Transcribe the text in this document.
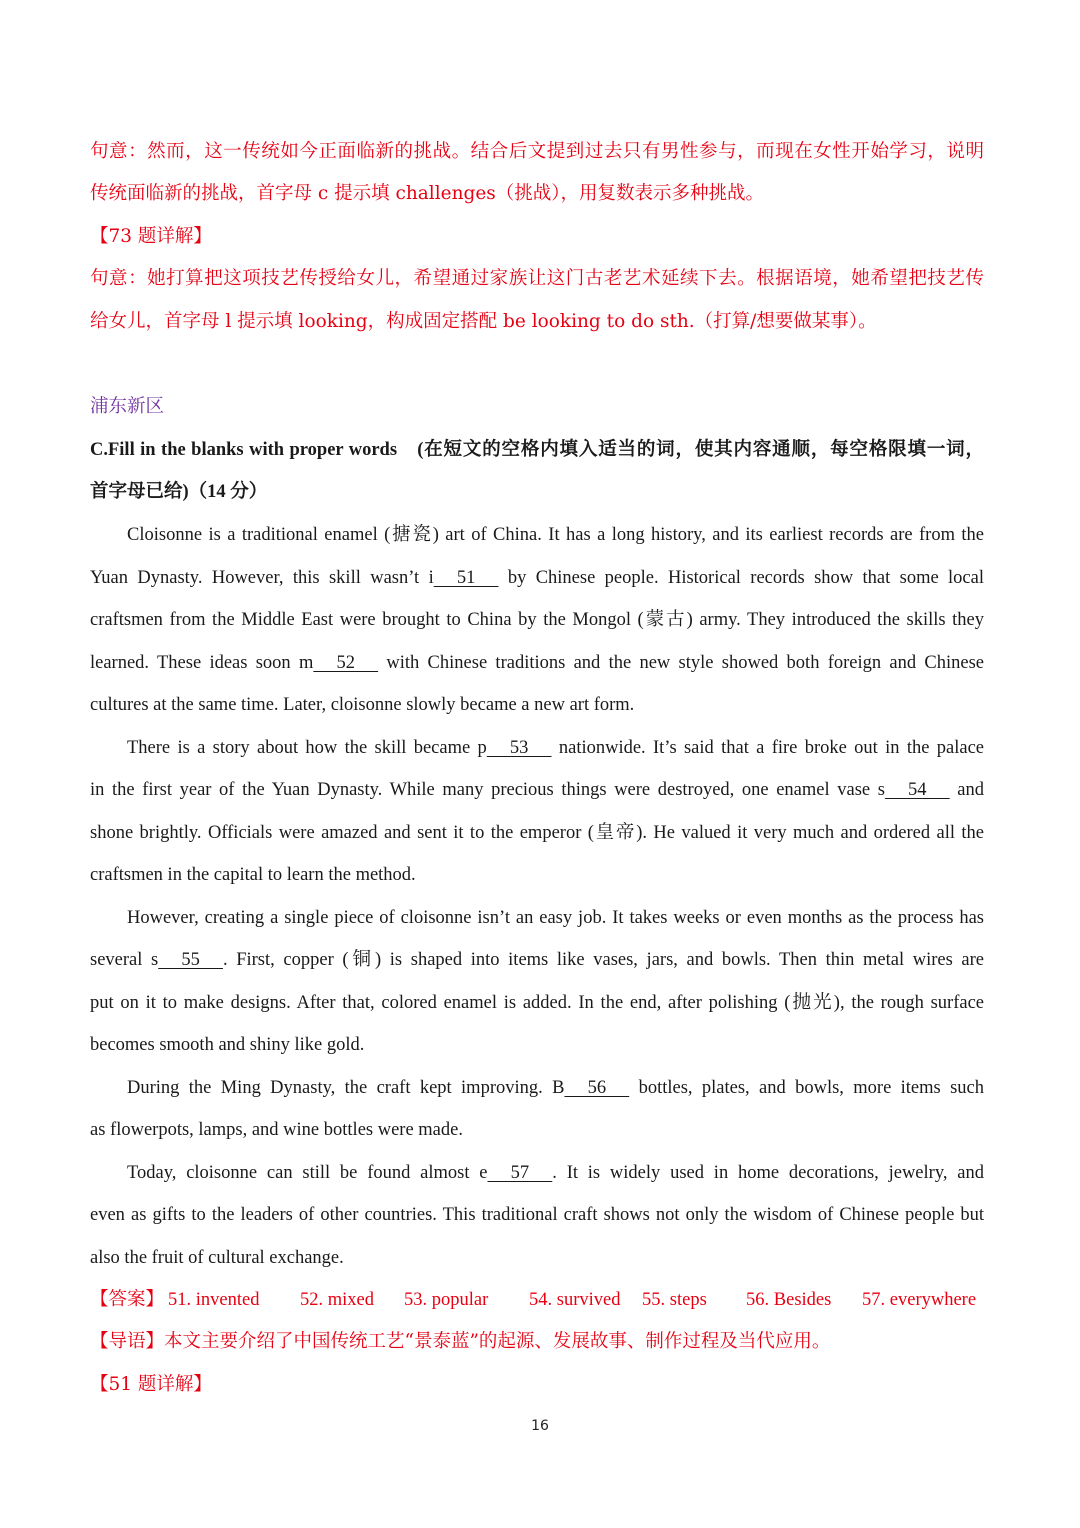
句意：然而，这一传统如今正面临新的挑战。结合后文提到过去只有男性参与，而现在女性开始学习，说明
传统面临新的挑战，首字母 c 提示填 challenges（挑战），用复数表示多种挑战。
【73 题详解】
句意：她打算把这项技艺传授给女儿，希望通过家族让这门古老艺术延续下去。根据语境，她希望把技艺传
给女儿，首字母 l 提示填 looking，构成固定搭配 be looking to do sth.（打算/想要做某事）。
浦东新区
C.Fill in the blanks with proper words　(在短文的空格内填入适当的词，使其内容通顺，每空格限填一词，
首字母已给)（14 分）
Cloisonne is a traditional enamel (搪瓷) art of China. It has a long history, and its earliest records are from the
Yuan Dynasty. However, this skill wasn’t i     51      by Chinese people. Historical records show that some local
craftsmen from the Middle East were brought to China by the Mongol (蒙古) army. They introduced the skills they
learned. These ideas soon m     52      with Chinese traditions and the new style showed both foreign and Chinese
cultures at the same time. Later, cloisonne slowly became a new art form.
There is a story about how the skill became p     53      nationwide. It’s said that a fire broke out in the palace
in the first year of the Yuan Dynasty. While many precious things were destroyed, one enamel vase s     54      and
shone brightly. Officials were amazed and sent it to the emperor (皇帝). He valued it very much and ordered all the
craftsmen in the capital to learn the method.
However, creating a single piece of cloisonne isn’t an easy job. It takes weeks or even months as the process has
several s     55     . First, copper (铜) is shaped into items like vases, jars, and bowls. Then thin metal wires are
put on it to make designs. After that, colored enamel is added. In the end, after polishing (抛光), the rough surface
becomes smooth and shiny like gold.
During the Ming Dynasty, the craft kept improving. B     56      bottles, plates, and bowls, more items such
as flowerpots, lamps, and wine bottles were made.
Today, cloisonne can still be found almost e     57     . It is widely used in home decorations, jewelry, and
even as gifts to the leaders of other countries. This traditional craft shows not only the wisdom of Chinese people but
also the fruit of cultural exchange.
【答案】 51. invented 52. mixed 53. popular 54. survived 55. steps 56. Besides 57. everywhere
【导语】本文主要介绍了中国传统工艺“景泰蓝”的起源、发展故事、制作过程及当代应用。
【51 题详解】
16
